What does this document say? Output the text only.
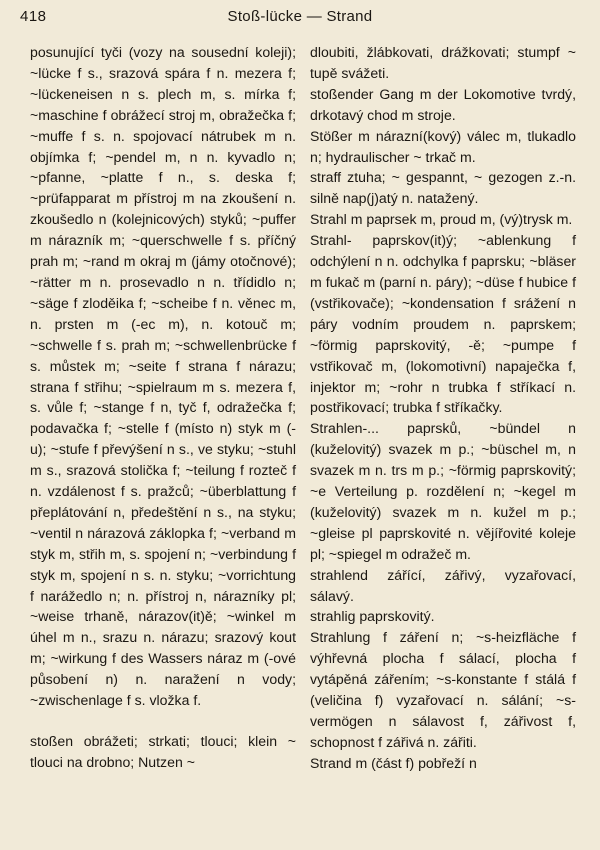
418	Stoß-lücke — Strand

posunující tyči (vozy na sousední koleji); ~lücke f s., srazová spára f n. mezera f; ~lückeneisen n s. plech m, s. mírka f; ~maschine f obrážecí stroj m, obražečka f; ~muffe f s. n. spojovací nátrubek m n. objímka f; ~pendel m, n n. kyvadlo n; ~pfanne, ~platte f n., s. deska f; ~prüfapparat m přístroj m na zkoušení n. zkoušedlo n (kolejnicových) styků; ~puffer m nárazník m; ~querschwelle f s. příčný prah m; ~rand m okraj m (jámy otočnové); ~rätter m n. prosevadlo n n. třídidlo n; ~säge f zloděika f; ~scheibe f n. věnec m, n. prsten m (-ec m), n. kotouč m; ~schwelle f s. prah m; ~schwellenbrücke f s. můstek m; ~seite f strana f nárazu; strana f střihu; ~spielraum m s. mezera f, s. vůle f; ~stange f n, tyč f, odražečka f; podavačka f; ~stelle f (místo n) styk m (-u); ~stufe f převýšení n s., ve styku; ~stuhl m s., srazová stolička f; ~teilung f rozteč f n. vzdálenost f s. pražců; ~überblattung f přeplátování n, předeštění n s., na styku; ~ventil n nárazová záklopka f; ~verband m styk m, střih m, s. spojení n; ~verbindung f styk m, spojení n s. n. styku; ~vorrichtung f narážedlo n; n. přístroj n, nárazníky pl; ~weise trhaně, nárazov(it)ě; ~winkel m úhel m n., srazu n. nárazu; srazový kout m; ~wirkung f des Wassers náraz m (-ové působení n) n. naražení n vody; ~zwischenlage f s. vložka f.

stoßen obrážeti; strkati; tlouci; klein ~ tlouci na drobno; Nutzen ~

dloubiti, žlábkovati, drážkovati; stumpf ~ tupě svážeti.

stoßender Gang m der Lokomotive tvrdý, drkotavý chod m stroje.

Stößer m nárazní(kový) válec m, tlukadlo n; hydraulischer ~ trkač m.

straff ztuha; ~ gespannt, ~ gezogen z.-n. silně nap(j)atý n. natažený.

Strahl m paprsek m, proud m, (vý)trysk m.

Strahl- paprskov(it)ý; ~ablenkung f odchýlení n n. odchylka f paprsku; ~bläser m fukač m (parní n. páry); ~düse f hubice f (vstřikovače); ~kondensation f srážení n páry vodním proudem n. paprskem; ~förmig paprskovitý, -ě; ~pumpe f vstřikovač m, (lokomotivní) napaječka f, injektor m; ~rohr n trubka f stříkací n. postřikovací; trubka f stříkačky.

Strahlen-... paprsků, ~bündel n (kuželovitý) svazek m p.; ~büschel m, n svazek m n. trs m p.; ~förmig paprskovitý; ~e Verteilung p. rozdělení n; ~kegel m (kuželovitý) svazek m n. kužel m p.; ~gleise pl paprskovité n. vějířovité koleje pl; ~spiegel m odražeč m.

strahlend zářící, zářivý, vyzařovací, sálavý.

strahlig paprskovitý.

Strahlung f záření n; ~s-heizfläche f výhřevná plocha f sálací, plocha f vytápěná zářením; ~s-konstante f stálá f (veličina f) vyzařovací n. sálání; ~s-vermögen n sálavost f, zářivost f, schopnost f zářivá n. zářiti.

Strand m (část f) pobřeží n
